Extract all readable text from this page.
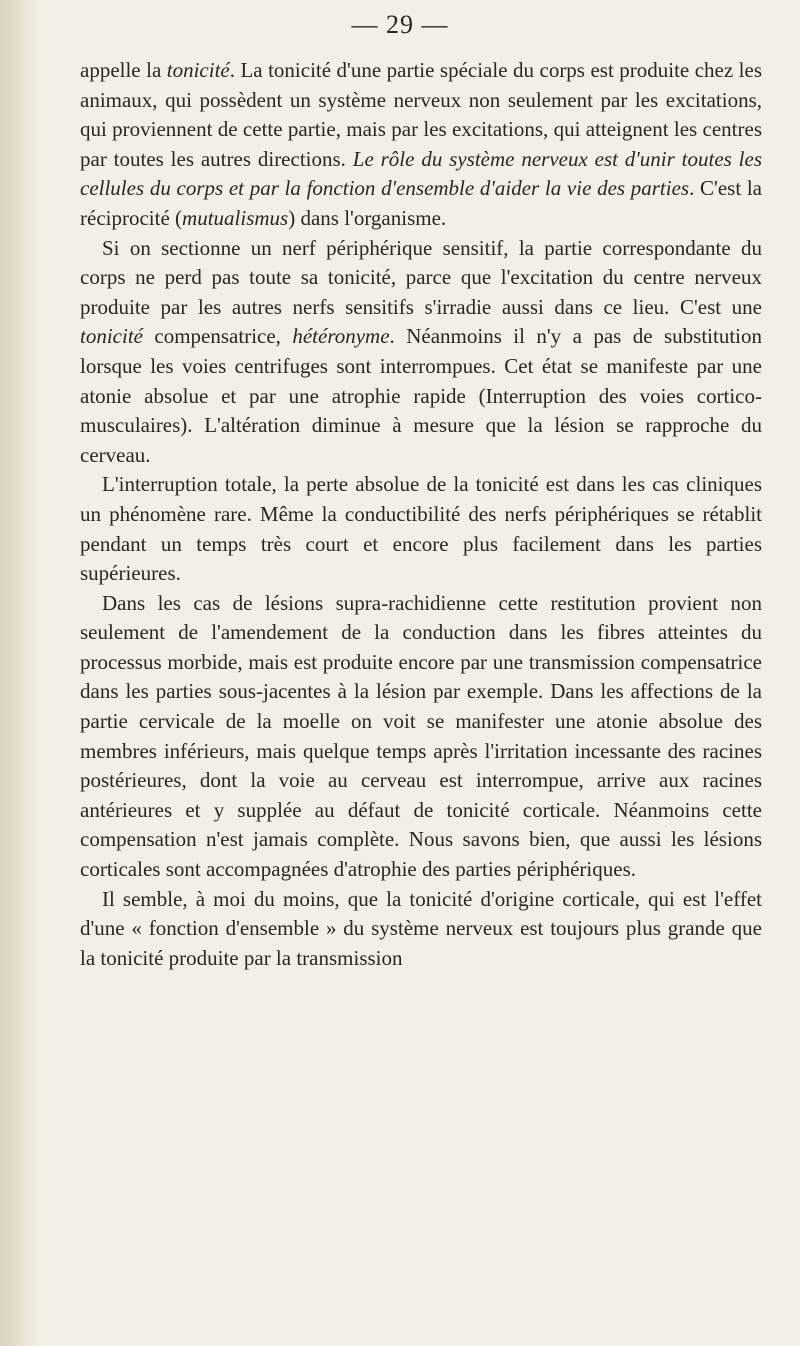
— 29 —

appelle la tonicité. La tonicité d'une partie spéciale du corps est produite chez les animaux, qui possèdent un système nerveux non seulement par les excitations, qui proviennent de cette partie, mais par les excitations, qui atteignent les centres par toutes les autres directions. Le rôle du système nerveux est d'unir toutes les cellules du corps et par la fonction d'ensemble d'aider la vie des parties. C'est la réciprocité (mutualismus) dans l'organisme.

Si on sectionne un nerf périphérique sensitif, la partie correspondante du corps ne perd pas toute sa tonicité, parce que l'excitation du centre nerveux produite par les autres nerfs sensitifs s'irradie aussi dans ce lieu. C'est une tonicité compensatrice, hétéronyme. Néanmoins il n'y a pas de substitution lorsque les voies centrifuges sont interrompues. Cet état se manifeste par une atonie absolue et par une atrophie rapide (Interruption des voies cortico-musculaires). L'altération diminue à mesure que la lésion se rapproche du cerveau.

L'interruption totale, la perte absolue de la tonicité est dans les cas cliniques un phénomène rare. Même la conductibilité des nerfs périphériques se rétablit pendant un temps très court et encore plus facilement dans les parties supérieures.

Dans les cas de lésions supra-rachidienne cette restitution provient non seulement de l'amendement de la conduction dans les fibres atteintes du processus morbide, mais est produite encore par une transmission compensatrice dans les parties sous-jacentes à la lésion par exemple. Dans les affections de la partie cervicale de la moelle on voit se manifester une atonie absolue des membres inférieurs, mais quelque temps après l'irritation incessante des racines postérieures, dont la voie au cerveau est interrompue, arrive aux racines antérieures et y supplée au défaut de tonicité corticale. Néanmoins cette compensation n'est jamais complète. Nous savons bien, que aussi les lésions corticales sont accompagnées d'atrophie des parties périphériques.

Il semble, à moi du moins, que la tonicité d'origine corticale, qui est l'effet d'une « fonction d'ensemble » du système nerveux est toujours plus grande que la tonicité produite par la transmission
